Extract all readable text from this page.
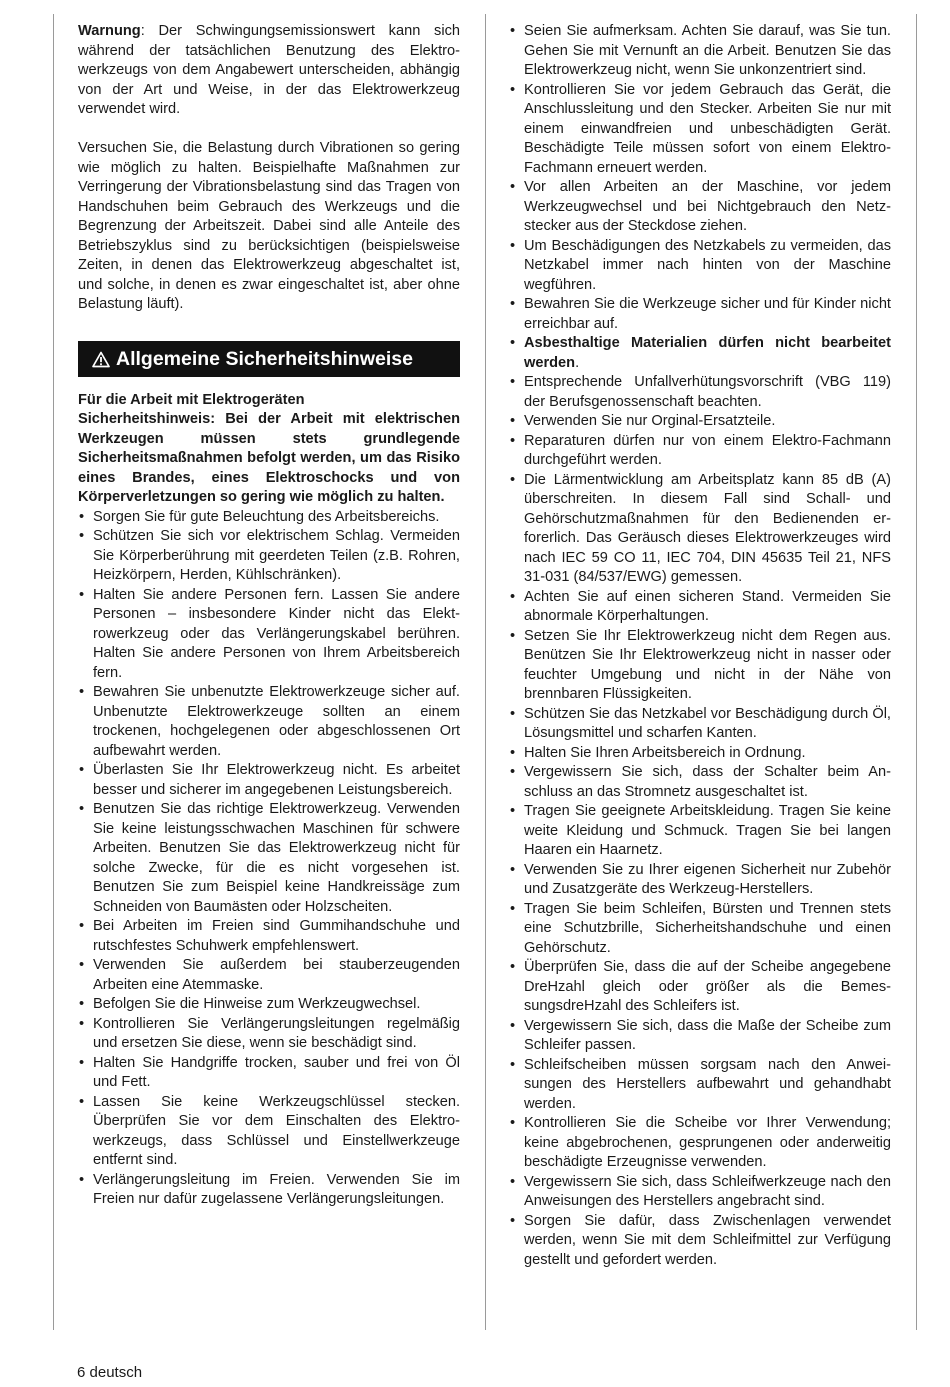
Warnung: Der Schwingungsemissionswert kann sich während der tatsächlichen Benutzung des Elektrowerkzeugs von dem Angabewert unterscheiden, abhängig von der Art und Weise, in der das Elektrowerkzeug verwendet wird.

Versuchen Sie, die Belastung durch Vibrationen so gering wie möglich zu halten. Beispielhafte Maßnahmen zur Verringerung der Vibrationsbelastung sind das Tragen von Handschuhen beim Gebrauch des Werkzeugs und die Begrenzung der Arbeitszeit. Dabei sind alle Anteile des Betriebszyklus sind zu berücksichtigen (beispielsweise Zeiten, in denen das Elektrowerkzeug abgeschaltet ist, und solche, in denen es zwar eingeschaltet ist, aber ohne Belastung läuft).

Allgemeine Sicherheitshinweise

Für die Arbeit mit Elektrogeräten

Sicherheitshinweis: Bei der Arbeit mit elektrischen Werkzeugen müssen stets grundlegende Sicherheitsmaßnahmen befolgt werden, um das Risiko eines Brandes, eines Elektroschocks und von Körperverletzungen so gering wie möglich zu halten.

• Sorgen Sie für gute Beleuchtung des Arbeitsbereichs.
• Schützen Sie sich vor elektrischem Schlag. Vermeiden Sie Körperberührung mit geerdeten Teilen (z.B. Rohren, Heizkörpern, Herden, Kühlschränken).
• Halten Sie andere Personen fern. Lassen Sie andere Personen – insbesondere Kinder nicht das Elektrowerkzeug oder das Verlängerungskabel berühren. Halten Sie andere Personen von Ihrem Arbeitsbereich fern.
• Bewahren Sie unbenutzte Elektrowerkzeuge sicher auf. Unbenutzte Elektrowerkzeuge sollten an einem trockenen, hochgelegenen oder abgeschlossenen Ort aufbewahrt werden.
• Überlasten Sie Ihr Elektrowerkzeug nicht. Es arbeitet besser und sicherer im angegebenen Leistungsbereich.
• Benutzen Sie das richtige Elektrowerkzeug. Verwenden Sie keine leistungsschwachen Maschinen für schwere Arbeiten. Benutzen Sie das Elektrowerkzeug nicht für solche Zwecke, für die es nicht vorgesehen ist. Benutzen Sie zum Beispiel keine Handkreissäge zum Schneiden von Baumästen oder Holzscheiten.
• Bei Arbeiten im Freien sind Gummihandschuhe und rutschfestes Schuhwerk empfehlenswert.
• Verwenden Sie außerdem bei stauberzeugenden Arbeiten eine Atemmaske.
• Befolgen Sie die Hinweise zum Werkzeugwechsel.
• Kontrollieren Sie Verlängerungsleitungen regelmäßig und ersetzen Sie diese, wenn sie beschädigt sind.
• Halten Sie Handgriffe trocken, sauber und frei von Öl und Fett.
• Lassen Sie keine Werkzeugschlüssel stecken. Überprüfen Sie vor dem Einschalten des Elektrowerkzeugs, dass Schlüssel und Einstellwerkzeuge entfernt sind.
• Verlängerungsleitung im Freien. Verwenden Sie im Freien nur dafür zugelassene Verlängerungsleitungen.
• Seien Sie aufmerksam. Achten Sie darauf, was Sie tun. Gehen Sie mit Vernunft an die Arbeit. Benutzen Sie das Elektrowerkzeug nicht, wenn Sie unkonzentriert sind.
• Kontrollieren Sie vor jedem Gebrauch das Gerät, die Anschlussleitung und den Stecker. Arbeiten Sie nur mit einem einwandfreien und unbeschädigten Gerät. Beschädigte Teile müssen sofort von einem Elektro-Fachmann erneuert werden.
• Vor allen Arbeiten an der Maschine, vor jedem Werkzeugwechsel und bei Nichtgebrauch den Netzstecker aus der Steckdose ziehen.
• Um Beschädigungen des Netzkabels zu vermeiden, das Netzkabel immer nach hinten von der Maschine wegführen.
• Bewahren Sie die Werkzeuge sicher und für Kinder nicht erreichbar auf.
• Asbesthaltige Materialien dürfen nicht bearbeitet werden.
• Entsprechende Unfallverhütungsvorschrift (VBG 119) der Berufsgenossenschaft beachten.
• Verwenden Sie nur Orginal-Ersatzteile.
• Reparaturen dürfen nur von einem Elektro-Fachmann durchgeführt werden.
• Die Lärmentwicklung am Arbeitsplatz kann 85 dB (A) überschreiten. In diesem Fall sind Schall- und Gehörschutzmaßnahmen für den Bedienenden erforerlich. Das Geräusch dieses Elektrowerkzeuges wird nach IEC 59 CO 11, IEC 704, DIN 45635 Teil 21, NFS 31-031 (84/537/EWG) gemessen.
• Achten Sie auf einen sicheren Stand. Vermeiden Sie abnormale Körperhaltungen.
• Setzen Sie Ihr Elektrowerkzeug nicht dem Regen aus. Benützen Sie Ihr Elektrowerkzeug nicht in nasser oder feuchter Umgebung und nicht in der Nähe von brennbaren Flüssigkeiten.
• Schützen Sie das Netzkabel vor Beschädigung durch Öl, Lösungsmittel und scharfen Kanten.
• Halten Sie Ihren Arbeitsbereich in Ordnung.
• Vergewissern Sie sich, dass der Schalter beim Anschluss an das Stromnetz ausgeschaltet ist.
• Tragen Sie geeignete Arbeitskleidung. Tragen Sie keine weite Kleidung und Schmuck. Tragen Sie bei langen Haaren ein Haarnetz.
• Verwenden Sie zu Ihrer eigenen Sicherheit nur Zubehör und Zusatzgeräte des Werkzeug-Herstellers.
• Tragen Sie beim Schleifen, Bürsten und Trennen stets eine Schutzbrille, Sicherheitshandschuhe und einen Gehörschutz.
• Überprüfen Sie, dass die auf der Scheibe angegebene DreHzahl gleich oder größer als die BemessungsdreHzahl des Schleifers ist.
• Vergewissern Sie sich, dass die Maße der Scheibe zum Schleifer passen.
• Schleifscheiben müssen sorgsam nach den Anweisungen des Herstellers aufbewahrt und gehandhabt werden.
• Kontrollieren Sie die Scheibe vor Ihrer Verwendung; keine abgebrochenen, gesprungenen oder anderweitig beschädigte Erzeugnisse verwenden.
• Vergewissern Sie sich, dass Schleifwerkzeuge nach den Anweisungen des Herstellers angebracht sind.
• Sorgen Sie dafür, dass Zwischenlagen verwendet werden, wenn Sie mit dem Schleifmittel zur Verfügung gestellt und gefordert werden.
6 deutsch
